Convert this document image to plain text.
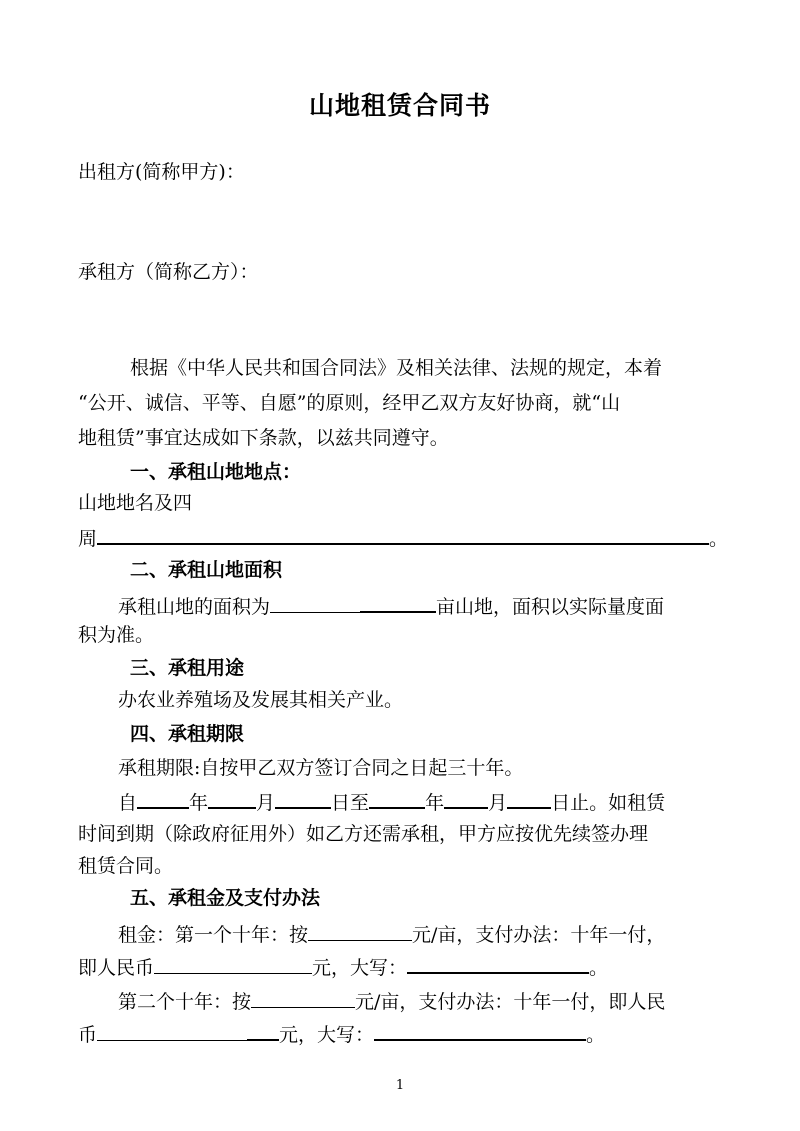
山地租赁合同书
出租方(简称甲方)：
承租方（简称乙方）：
根据《中华人民共和国合同法》及相关法律、法规的规定，本着
“公开、诚信、平等、自愿”的原则，经甲乙双方友好协商，就“山
地租赁”事宜达成如下条款，以兹共同遵守。
一、承租山地地点：
山地地名及四
周	。
二、承租山地面积
承租山地的面积为	亩山地，面积以实际量度面
积为准。
三、承租用途
办农业养殖场及发展其相关产业。
四、承租期限
承租期限:自按甲乙双方签订合同之日起三十年。
自	年	月	日至	年 月 日止。如租赁
时间到期（除政府征用外）如乙方还需承租，甲方应按优先续签办理
租赁合同。
五、承租金及支付办法
租金：第一个十年：按	元/亩，支付办法：十年一付，
即人民币	元，大写：	。
第二个十年：按	元/亩，支付办法：十年一付，即人民
币	元，大写：	。
1
